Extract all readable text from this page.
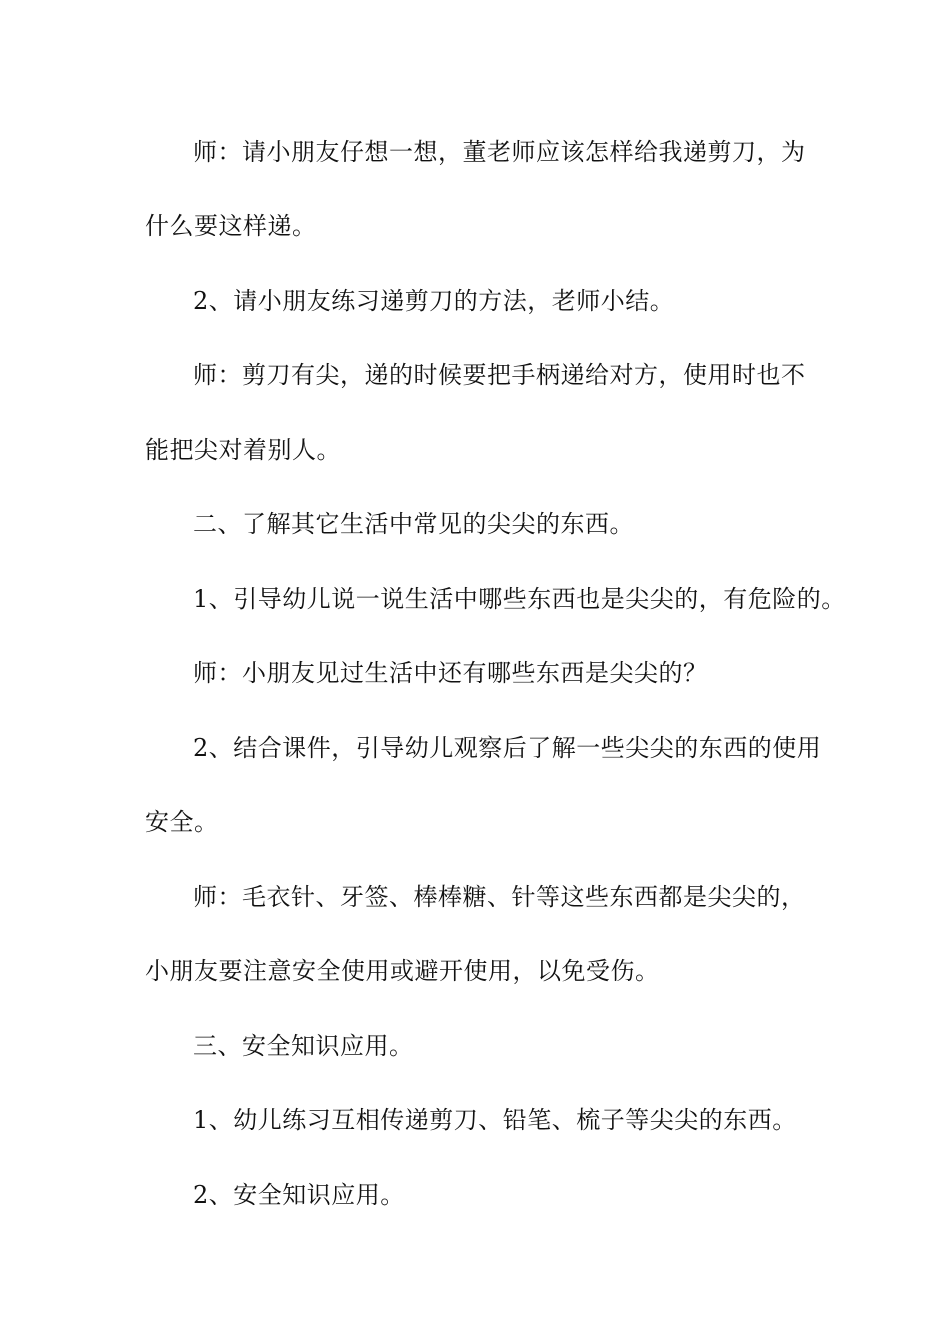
师：请小朋友仔想一想，董老师应该怎样给我递剪刀，为
什么要这样递。
2、请小朋友练习递剪刀的方法，老师小结。
师：剪刀有尖，递的时候要把手柄递给对方，使用时也不
能把尖对着别人。
二、了解其它生活中常见的尖尖的东西。
1、引导幼儿说一说生活中哪些东西也是尖尖的，有危险的。
师：小朋友见过生活中还有哪些东西是尖尖的？
2、结合课件，引导幼儿观察后了解一些尖尖的东西的使用
安全。
师：毛衣针、牙签、棒棒糖、针等这些东西都是尖尖的，
小朋友要注意安全使用或避开使用，以免受伤。
三、安全知识应用。
1、幼儿练习互相传递剪刀、铅笔、梳子等尖尖的东西。
2、安全知识应用。
